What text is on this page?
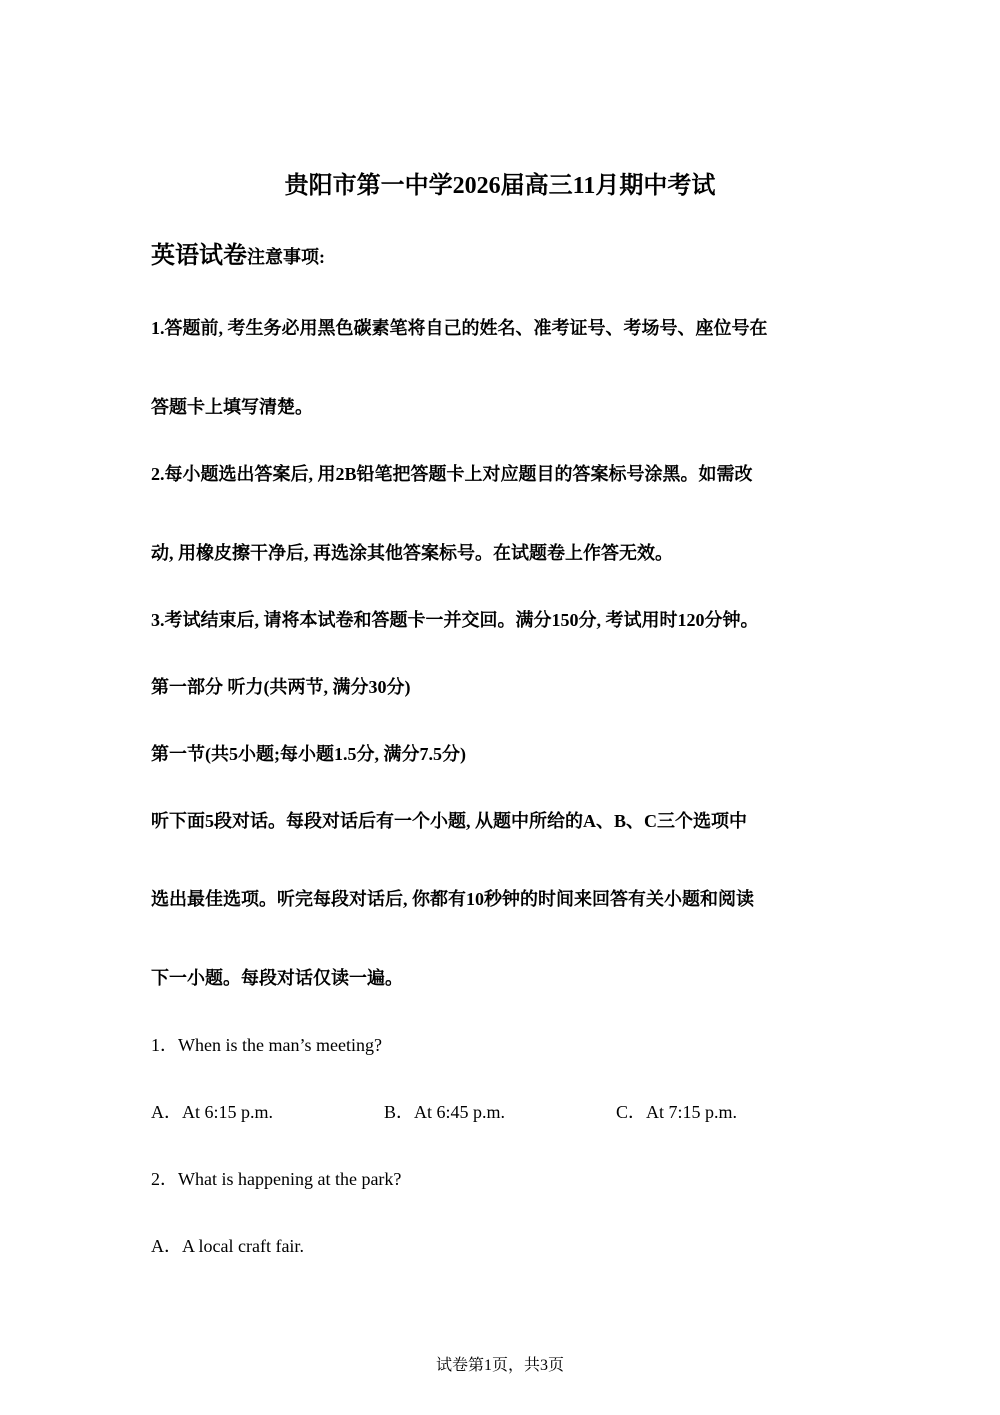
贵阳市第一中学2026届高三11月期中考试
英语试卷注意事项:
1.答题前, 考生务必用黑色碳素笔将自己的姓名、准考证号、考场号、座位号在
答题卡上填写清楚。
2.每小题选出答案后, 用2B铅笔把答题卡上对应题目的答案标号涂黑。如需改
动, 用橡皮擦干净后, 再选涂其他答案标号。在试题卷上作答无效。
3.考试结束后, 请将本试卷和答题卡一并交回。满分150分, 考试用时120分钟。
第一部分 听力(共两节, 满分30分)
第一节(共5小题;每小题1.5分, 满分7.5分)
听下面5段对话。每段对话后有一个小题, 从题中所给的A、B、C三个选项中
选出最佳选项。听完每段对话后, 你都有10秒钟的时间来回答有关小题和阅读
下一小题。每段对话仅读一遍。
1．When is the man’s meeting?
A．At 6:15 p.m.	B．At 6:45 p.m.	C．At 7:15 p.m.
2．What is happening at the park?
A．A local craft fair.
试卷第1页，共3页
